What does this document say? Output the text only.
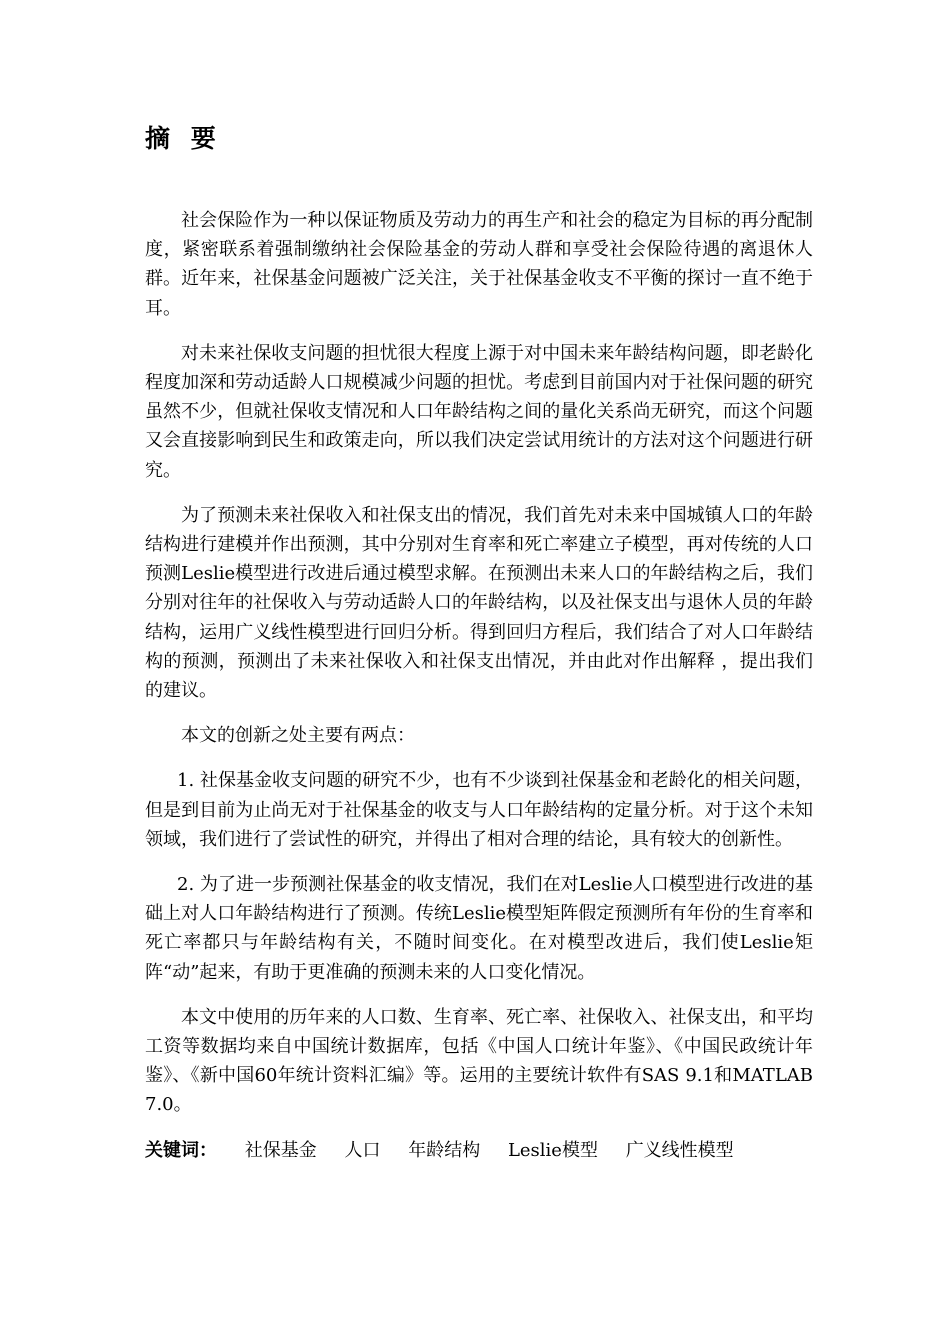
摘 要

社会保险作为一种以保证物质及劳动力的再生产和社会的稳定为目标的再分配制度，紧密联系着强制缴纳社会保险基金的劳动人群和享受社会保险待遇的离退休人群。近年来，社保基金问题被广泛关注，关于社保基金收支不平衡的探讨一直不绝于耳。

对未来社保收支问题的担忧很大程度上源于对中国未来年龄结构问题，即老龄化程度加深和劳动适龄人口规模减少问题的担忧。考虑到目前国内对于社保问题的研究虽然不少，但就社保收支情况和人口年龄结构之间的量化关系尚无研究，而这个问题又会直接影响到民生和政策走向，所以我们决定尝试用统计的方法对这个问题进行研究。

为了预测未来社保收入和社保支出的情况，我们首先对未来中国城镇人口的年龄结构进行建模并作出预测，其中分别对生育率和死亡率建立子模型，再对传统的人口预测Leslie模型进行改进后通过模型求解。在预测出未来人口的年龄结构之后，我们分别对往年的社保收入与劳动适龄人口的年龄结构，以及社保支出与退休人员的年龄结构，运用广义线性模型进行回归分析。得到回归方程后，我们结合了对人口年龄结构的预测，预测出了未来社保收入和社保支出情况，并由此对作出解释 ，提出我们的建议。

本文的创新之处主要有两点：

1. 社保基金收支问题的研究不少，也有不少谈到社保基金和老龄化的相关问题，但是到目前为止尚无对于社保基金的收支与人口年龄结构的定量分析。对于这个未知领域，我们进行了尝试性的研究，并得出了相对合理的结论，具有较大的创新性。

2. 为了进一步预测社保基金的收支情况，我们在对Leslie人口模型进行改进的基础上对人口年龄结构进行了预测。传统Leslie模型矩阵假定预测所有年份的生育率和死亡率都只与年龄结构有关，不随时间变化。在对模型改进后，我们使Leslie矩阵“动”起来，有助于更准确的预测未来的人口变化情况。

本文中使用的历年来的人口数、生育率、死亡率、社保收入、社保支出，和平均工资等数据均来自中国统计数据库，包括《中国人口统计年鉴》、《中国民政统计年鉴》、《新中国60年统计资料汇编》等。运用的主要统计软件有SAS 9.1和MATLAB 7.0。

关键词： 社保基金 人口 年龄结构 Leslie模型 广义线性模型
